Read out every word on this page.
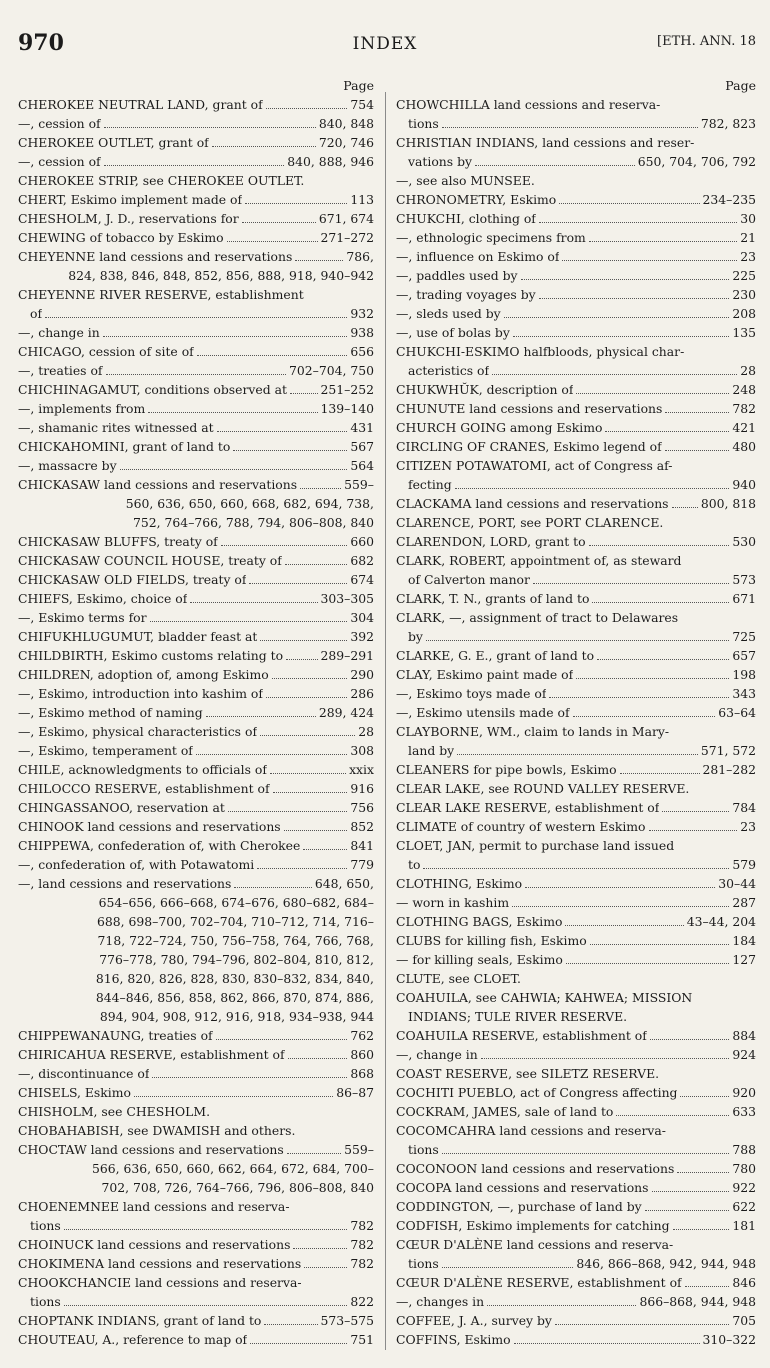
970	INDEX	[ETH. ANN. 18
Page
CHEROKEE NEUTRAL LAND, grant of	754
—, cession of	840, 848
CHEROKEE OUTLET, grant of	720, 746
—, cession of	840, 888, 946
CHEROKEE STRIP, see CHEROKEE OUTLET.
CHERT, Eskimo implement made of	113
CHESHOLM, J. D., reservations for	671, 674
CHEWING of tobacco by Eskimo	271–272
CHEYENNE land cessions and reservations	786,
824, 838, 846, 848, 852, 856, 888, 918, 940–942
CHEYENNE RIVER RESERVE, establishment
of	932
—, change in	938
CHICAGO, cession of site of	656
—, treaties of	702–704, 750
CHICHINAGAMUT, conditions observed at	251–252
—, implements from	139–140
—, shamanic rites witnessed at	431
CHICKAHOMINI, grant of land to	567
—, massacre by	564
CHICKASAW land cessions and reservations	559–
560, 636, 650, 660, 668, 682, 694, 738,
752, 764–766, 788, 794, 806–808, 840
CHICKASAW BLUFFS, treaty of	660
CHICKASAW COUNCIL HOUSE, treaty of	682
CHICKASAW OLD FIELDS, treaty of	674
CHIEFS, Eskimo, choice of	303–305
—, Eskimo terms for	304
CHIFUKHLUGUMUT, bladder feast at	392
CHILDBIRTH, Eskimo customs relating to	289–291
CHILDREN, adoption of, among Eskimo	290
—, Eskimo, introduction into kashim of	286
—, Eskimo method of naming	289, 424
—, Eskimo, physical characteristics of	28
—, Eskimo, temperament of	308
CHILE, acknowledgments to officials of	xxix
CHILOCCO RESERVE, establishment of	916
CHINGASSANOO, reservation at	756
CHINOOK land cessions and reservations	852
CHIPPEWA, confederation of, with Cherokee	841
—, confederation of, with Potawatomi	779
—, land cessions and reservations	648, 650,
654–656, 666–668, 674–676, 680–682, 684–
688, 698–700, 702–704, 710–712, 714, 716–
718, 722–724, 750, 756–758, 764, 766, 768,
776–778, 780, 794–796, 802–804, 810, 812,
816, 820, 826, 828, 830, 830–832, 834, 840,
844–846, 856, 858, 862, 866, 870, 874, 886,
894, 904, 908, 912, 916, 918, 934–938, 944
CHIPPEWANAUNG, treaties of	762
CHIRICAHUA RESERVE, establishment of	860
—, discontinuance of	868
CHISELS, Eskimo	86–87
CHISHOLM, see CHESHOLM.
CHOBAHABISH, see DWAMISH and others.
CHOCTAW land cessions and reservations	559–
566, 636, 650, 660, 662, 664, 672, 684, 700–
702, 708, 726, 764–766, 796, 806–808, 840
CHOENEMNEE land cessions and reserva-
tions	782
CHOINUCK land cessions and reservations	782
CHOKIMENA land cessions and reservations	782
CHOOKCHANCIE land cessions and reserva-
tions	822
CHOPTANK INDIANS, grant of land to	573–575
CHOUTEAU, A., reference to map of	751
Page
CHOWCHILLA land cessions and reserva-
tions	782, 823
CHRISTIAN INDIANS, land cessions and reser-
vations by	650, 704, 706, 792
—, see also MUNSEE.
CHRONOMETRY, Eskimo	234–235
CHUKCHI, clothing of	30
—, ethnologic specimens from	21
—, influence on Eskimo of	23
—, paddles used by	225
—, trading voyages by	230
—, sleds used by	208
—, use of bolas by	135
CHUKCHI-ESKIMO halfbloods, physical char-
acteristics of	28
CHUKWHŬK, description of	248
CHUNUTE land cessions and reservations	782
CHURCH GOING among Eskimo	421
CIRCLING OF CRANES, Eskimo legend of	480
CITIZEN POTAWATOMI, act of Congress af-
fecting	940
CLACKAMA land cessions and reservations	800, 818
CLARENCE, PORT, see PORT CLARENCE.
CLARENDON, LORD, grant to	530
CLARK, ROBERT, appointment of, as steward
of Calverton manor	573
CLARK, T. N., grants of land to	671
CLARK, —, assignment of tract to Delawares
by	725
CLARKE, G. E., grant of land to	657
CLAY, Eskimo paint made of	198
—, Eskimo toys made of	343
—, Eskimo utensils made of	63–64
CLAYBORNE, WM., claim to lands in Mary-
land by	571, 572
CLEANERS for pipe bowls, Eskimo	281–282
CLEAR LAKE, see ROUND VALLEY RESERVE.
CLEAR LAKE RESERVE, establishment of	784
CLIMATE of country of western Eskimo	23
CLOET, JAN, permit to purchase land issued
to	579
CLOTHING, Eskimo	30–44
— worn in kashim	287
CLOTHING BAGS, Eskimo	43–44, 204
CLUBS for killing fish, Eskimo	184
— for killing seals, Eskimo	127
CLUTE, see CLOET.
COAHUILA, see CAHWIA; KAHWEA; MISSION
INDIANS; TULE RIVER RESERVE.
COAHUILA RESERVE, establishment of	884
—, change in	924
COAST RESERVE, see SILETZ RESERVE.
COCHITI PUEBLO, act of Congress affecting	920
COCKRAM, JAMES, sale of land to	633
COCOMCAHRA land cessions and reserva-
tions	788
COCONOON land cessions and reservations	780
COCOPA land cessions and reservations	922
CODDINGTON, —, purchase of land by	622
CODFISH, Eskimo implements for catching	181
CŒUR D'ALÈNE land cessions and reserva-
tions	846, 866–868, 942, 944, 948
CŒUR D'ALÈNE RESERVE, establishment of	846
—, changes in	866–868, 944, 948
COFFEE, J. A., survey by	705
COFFINS, Eskimo	310–322
